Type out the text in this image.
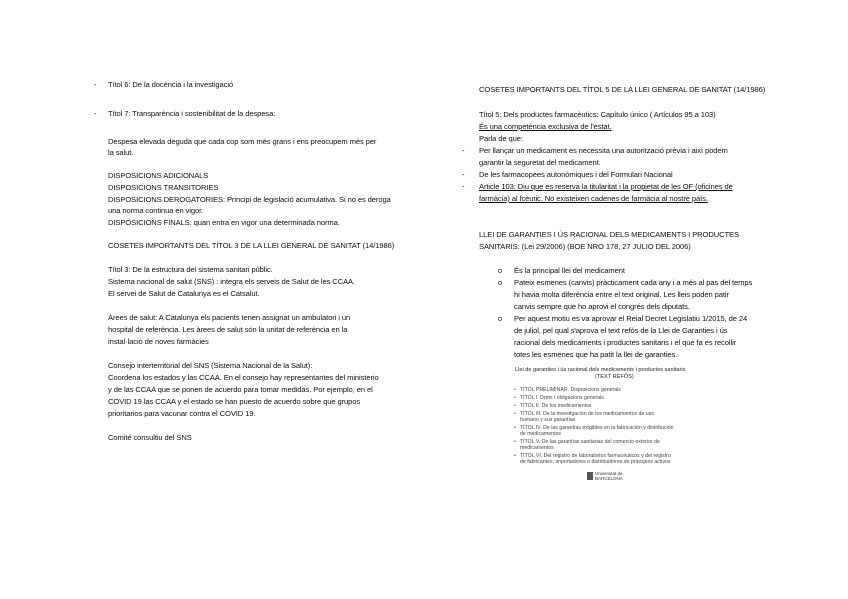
- Títol 6: De la docència i la investigació
- Títol 7: Transparència i sostenibilitat de la despesa:
Despesa elevada deguda que cada cop som més grans i ens preocupem més per
la salut.
DISPOSICIONS ADICIONALS
DISPOSICIONS TRANSITORIES
DISPOSICIONS DEROGATORIES: Principi de legislació acumulativa. Si no es deroga
una norma continua en vigor.
DISPOSICIONS FINALS: quan entra en vigor una determinada norma.
COSETES IMPORTANTS DEL TÍTOL 3 DE LA LLEI GENERAL DE SANITAT (14/1986)
Títol 3: De la estructura del sistema sanitari públic.
Sistema nacional de salut (SNS) : integra els serveis de Salut de les CCAA.
El servei de Salut de Catalunya es el Catsalut.
Àrees de salut: A Catalunya els pacients tenen assignat un ambulatori i un
hospital de referència. Les àrees de salut són la unitat de referència en la
instal·lació de noves farmàcies
Consejo interterritorial del SNS (Sistema Nacional de la Salut):
Coordena los estados y las CCAA. En el consejo hay representantes del ministerio
y de las CCAA que se ponen de acuerdo para tomar medidas. Por ejemplo, en el
COVID 19 las CCAA y el estado se han puesto de acuerdo sobre que grupos
prioritarios para vacunar contra el COVID 19.
Comité consultiu del SNS
COSETES IMPORTANTS DEL TÍTOL 5 DE LA LLEI GENERAL DE SANITAT (14/1986)
Títol 5: Dels productes farmacèutics: Capítulo único ( Artículos 95 a 103)
És una competència exclusiva de l'estat.
Parla de que:
- Per llançar un medicament es necessita una autorització prèvia i així podem
garantir la seguretat del medicament.
- De les farmacopees autonòmiques i del Formulari Nacional
- Article 103: Diu que es reserva la titularitat i la propietat de les OF (oficines de
farmàcia) al fcèutic. No existeixen cadenes de farmàcia al nostre país.
LLEI DE GARANTIES I ÚS RACIONAL DELS MEDICAMENTS I PRODUCTES
SANITARIS: (Lei 29/2006) (BOE NRO 178, 27 JULIO DEL 2006)
o És la principal llei del medicament
o Pateix esmenes (canvis) pràcticament cada any i a més al pas del temps
hi havia molta diferència entre el text original. Les lleis poden patir
canvis sempre que ho aprovi el congrés dels diputats.
o Per aquest motiu es va aprovar el Reial Decret Legislatiu 1/2015, de 24
de juliol, pel qual s'aprova el text refós de la Llei de Garanties i ús
racional dels medicaments i productes sanitaris i el que fa es recollir
totes les esmenes que ha patit la llei de garanties.
Llei de garanties i ús racional dels medicaments i productes sanitaris
(TEXT REFÓS)
• TÍTOL PRELIMINAR. Disposicions generals
• TÍTOL I. Drets i obligacions generals
• TÍTOL II. De los medicamentos
• TÍTOL III. De la investigación de los medicamentos de uso
humano y sus garantías
• TÍTOL IV. De las garantías exigibles en la fabricación y distribución
de medicamentos
• TÍTOL V. De las garantías sanitarias del comercio exterior de
medicamentos
• TÍTOL VI. Del registro de laboratorios farmacéuticos y del registro
de fabricantes, importadores o distribuidores de principios activos
Universitat de
BARCELONA
